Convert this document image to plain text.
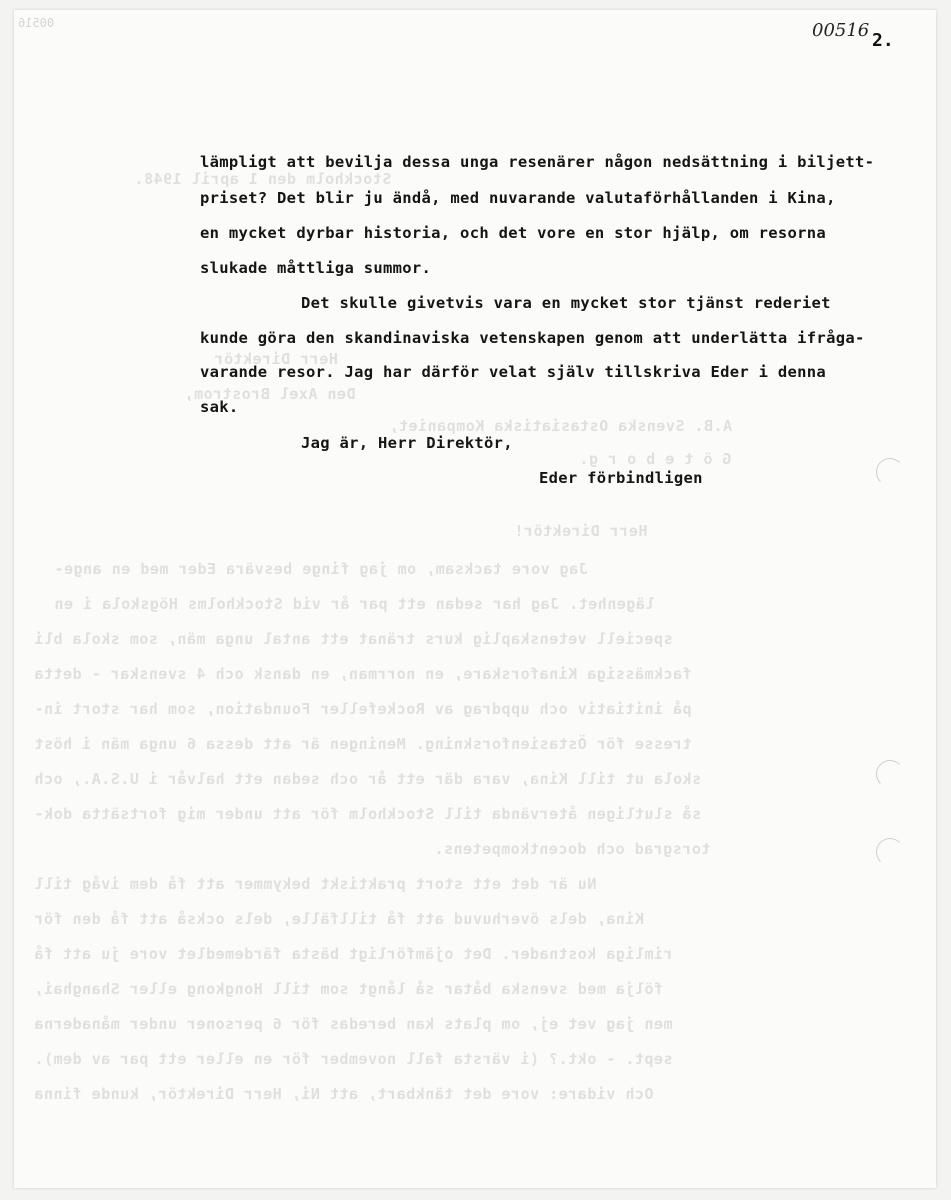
00516
Stockholm den 1 april 1948.
Herr Direktör
Den Axel Brostrom,
A.B. Svenska Ostasiatiska Kompaniet,
G ö t e b o r g.
Herr Direktör!
Jag vore tacksam, om jag finge besvära Eder med en ange-
lägenhet. Jag har sedan ett par år vid Stockholms Högskola i en
speciell vetenskaplig kurs tränat ett antal unga män, som skola bli
fackmässiga Kinaforskare, en norrman, en dansk och 4 svenskar - detta
på initiativ och uppdrag av Rockefeller Foundation, som har stort in-
tresse för Östasienforskning. Meningen är att dessa 6 unga män i höst
skola ut till Kina, vara där ett år och sedan ett halvår i U.S.A., och
så slutligen återvända till Stockholm för att under mig fortsätta dok-
torsgrad och docentkompetens.
Nu är det ett stort praktiskt bekymmer att få dem ivåg till
Kina, dels överhuvud att få tillfälle, dels också att få den för
rimliga kostnader. Det ojämförligt bästa färdemedlet vore ju att få
följa med svenska båtar så långt som till Hongkong eller Shanghai,
men jag vet ej, om plats kan beredas för 6 personer under månaderna
sept. - okt.? (i värsta fall november för en eller ett par av dem).
Och vidare: vore det tänkbart, att Ni, Herr Direktör, kunde finna
00516 2.
lämpligt att bevilja dessa unga resenärer någon nedsättning i biljett-
priset? Det blir ju ändå, med nuvarande valutaförhållanden i Kina,
en mycket dyrbar historia, och det vore en stor hjälp, om resorna
slukade måttliga summor.
Det skulle givetvis vara en mycket stor tjänst rederiet
kunde göra den skandinaviska vetenskapen genom att underlätta ifråga-
varande resor. Jag har därför velat själv tillskriva Eder i denna
sak.
Jag är, Herr Direktör,
Eder förbindligen
